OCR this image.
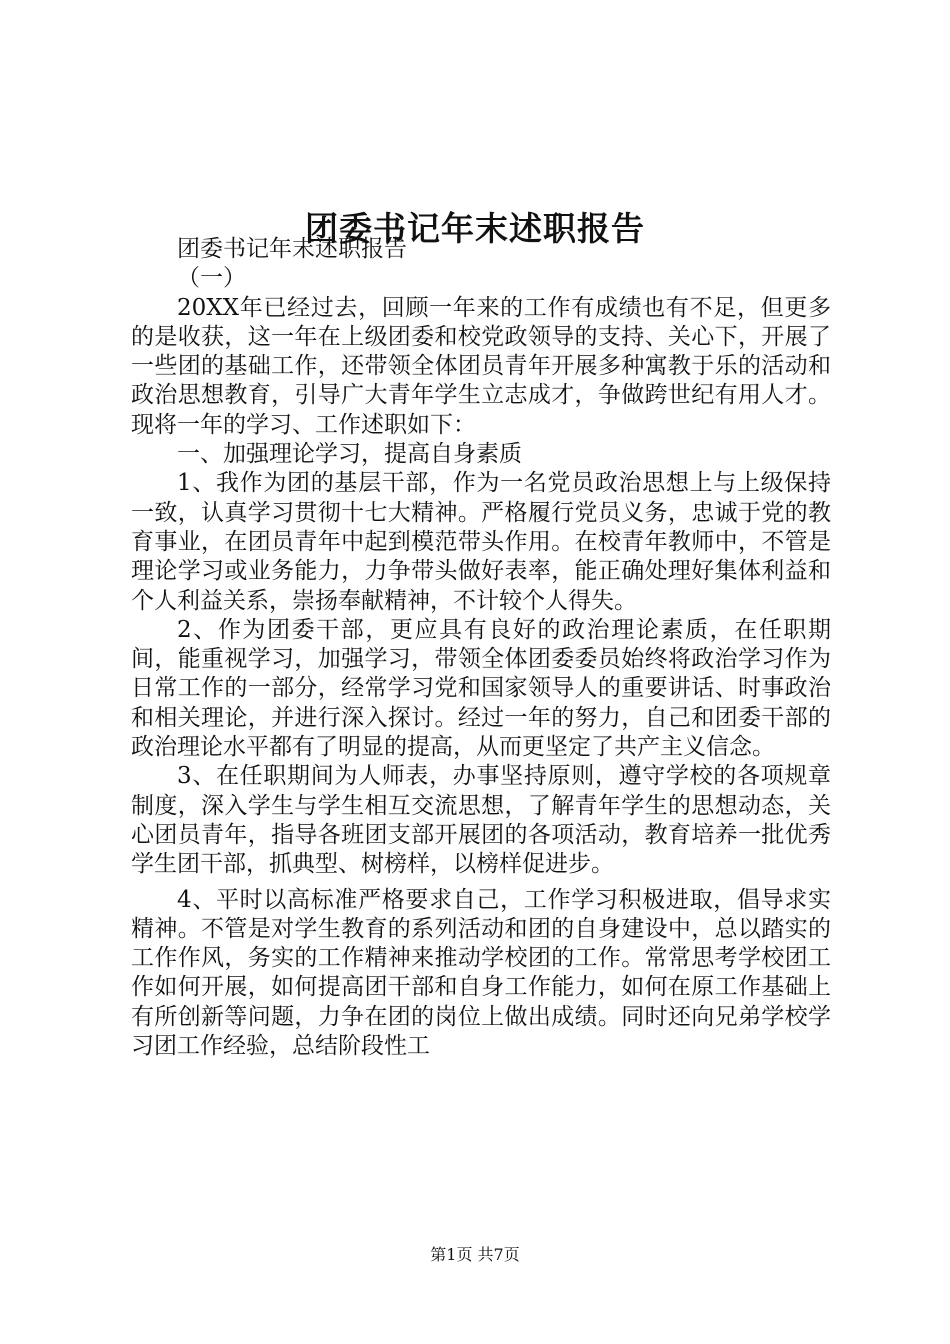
团委书记年末述职报告

团委书记年末述职报告

（一）

20XX年已经过去，回顾一年来的工作有成绩也有不足，但更多的是收获，这一年在上级团委和校党政领导的支持、关心下，开展了一些团的基础工作，还带领全体团员青年开展多种寓教于乐的活动和政治思想教育，引导广大青年学生立志成才，争做跨世纪有用人才。现将一年的学习、工作述职如下：

一、加强理论学习，提高自身素质

1、我作为团的基层干部，作为一名党员政治思想上与上级保持一致，认真学习贯彻十七大精神。严格履行党员义务，忠诚于党的教育事业，在团员青年中起到模范带头作用。在校青年教师中，不管是理论学习或业务能力，力争带头做好表率，能正确处理好集体利益和个人利益关系，崇扬奉献精神，不计较个人得失。

2、作为团委干部，更应具有良好的政治理论素质，在任职期间，能重视学习，加强学习，带领全体团委委员始终将政治学习作为日常工作的一部分，经常学习党和国家领导人的重要讲话、时事政治和相关理论，并进行深入探讨。经过一年的努力，自己和团委干部的政治理论水平都有了明显的提高，从而更坚定了共产主义信念。

3、在任职期间为人师表，办事坚持原则，遵守学校的各项规章制度，深入学生与学生相互交流思想，了解青年学生的思想动态，关心团员青年，指导各班团支部开展团的各项活动，教育培养一批优秀学生团干部，抓典型、树榜样，以榜样促进步。

4、平时以高标准严格要求自己，工作学习积极进取，倡导求实精神。不管是对学生教育的系列活动和团的自身建设中，总以踏实的工作作风，务实的工作精神来推动学校团的工作。常常思考学校团工作如何开展，如何提高团干部和自身工作能力，如何在原工作基础上有所创新等问题，力争在团的岗位上做出成绩。同时还向兄弟学校学习团工作经验，总结阶段性工

第1页 共7页
